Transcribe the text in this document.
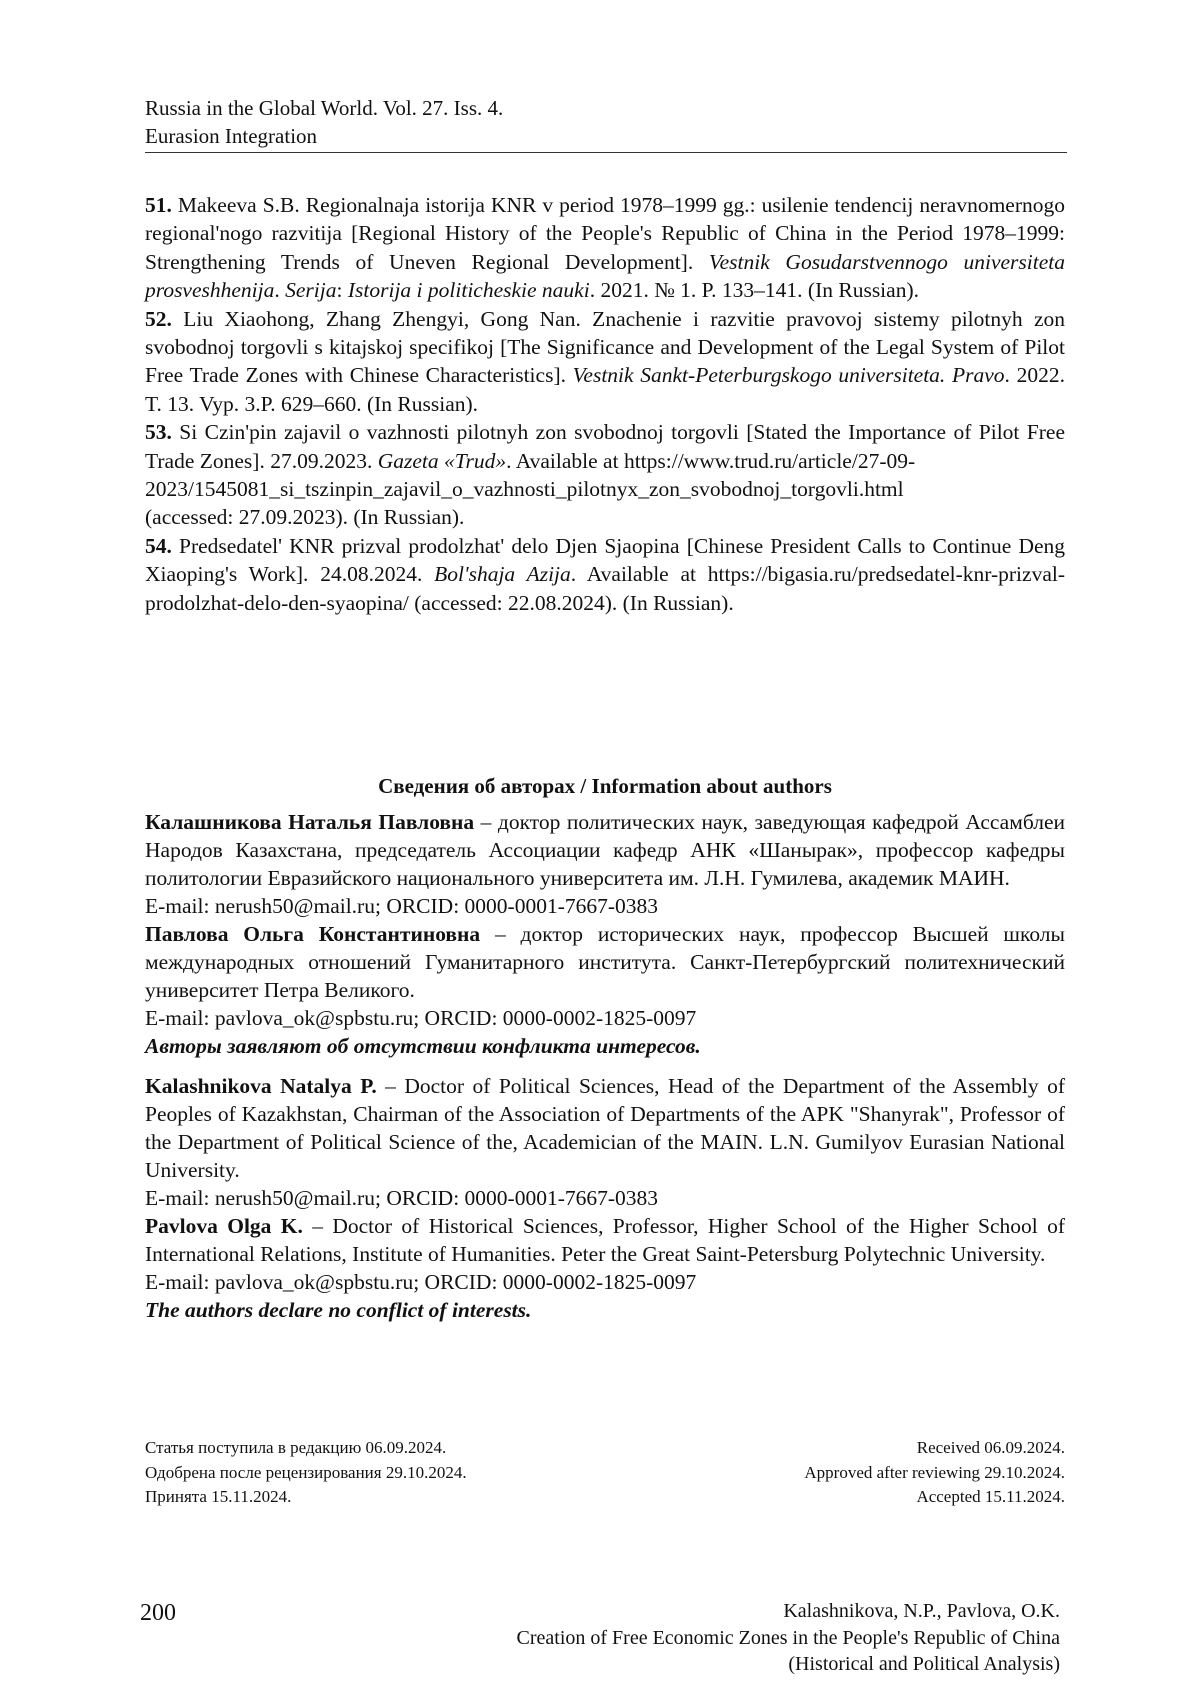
Russia in the Global World. Vol. 27. Iss. 4.
Eurasion Integration

51. Makeeva S.B. Regionalnaja istorija KNR v period 1978–1999 gg.: usilenie tendencij neravnomernogo regional'nogo razvitija [Regional History of the People's Republic of China in the Period 1978–1999: Strengthening Trends of Uneven Regional Development]. Vestnik Gosudarstvennogo universiteta prosveshhenija. Serija: Istorija i politicheskie nauki. 2021. № 1. P. 133–141. (In Russian).

52. Liu Xiaohong, Zhang Zhengyi, Gong Nan. Znachenie i razvitie pravovoj sistemy pilotnyh zon svobodnoj torgovli s kitajskoj specifikoj [The Significance and Development of the Legal System of Pilot Free Trade Zones with Chinese Characteristics]. Vestnik Sankt-Peterburgskogo universiteta. Pravo. 2022. T. 13. Vyp. 3.P. 629–660. (In Russian).

53. Si Czin'pin zajavil o vazhnosti pilotnyh zon svobodnoj torgovli [Stated the Importance of Pilot Free Trade Zones]. 27.09.2023. Gazeta «Trud». Available at https://www.trud.ru/article/27-09-
2023/1545081_si_tszinpin_zajavil_o_vazhnosti_pilotnyx_zon_svobodnoj_torgovli.html
(accessed: 27.09.2023). (In Russian).

54. Predsedatel' KNR prizval prodolzhat' delo Djen Sjaopina [Chinese President Calls to Continue Deng Xiaoping's Work]. 24.08.2024. Bol'shaja Azija. Available at https://bigasia.ru/predsedatel-knr-prizval-prodolzhat-delo-den-syaopina/ (accessed: 22.08.2024). (In Russian).

Сведения об авторах / Information about authors

Калашникова Наталья Павловна – доктор политических наук, заведующая кафедрой Ассамблеи Народов Казахстана, председатель Ассоциации кафедр АНК «Шанырак», профессор кафедры политологии Евразийского национального университета им. Л.Н. Гумилева, академик МАИН.

E-mail: nerush50@mail.ru; ORCID: 0000-0001-7667-0383

Павлова Ольга Константиновна – доктор исторических наук, профессор Высшей школы международных отношений Гуманитарного института. Санкт-Петербургский политехнический университет Петра Великого.

E-mail: pavlova_ok@spbstu.ru; ORCID: 0000-0002-1825-0097

Авторы заявляют об отсутствии конфликта интересов.

Kalashnikova Natalya P. – Doctor of Political Sciences, Head of the Department of the Assembly of Peoples of Kazakhstan, Chairman of the Association of Departments of the APK "Shanyrak", Professor of the Department of Political Science of the, Academician of the MAIN. L.N. Gumilyov Eurasian National University.

E-mail: nerush50@mail.ru; ORCID: 0000-0001-7667-0383

Pavlova Olga K. – Doctor of Historical Sciences, Professor, Higher School of the Higher School of International Relations, Institute of Humanities. Peter the Great Saint-Petersburg Polytechnic University.

E-mail: pavlova_ok@spbstu.ru; ORCID: 0000-0002-1825-0097

The authors declare no conflict of interests.

Статья поступила в редакцию 06.09.2024.
Одобрена после рецензирования 29.10.2024.
Принята 15.11.2024.
Received 06.09.2024.
Approved after reviewing 29.10.2024.
Accepted 15.11.2024.
200	Kalashnikova, N.P., Pavlova, O.K.
Creation of Free Economic Zones in the People's Republic of China
(Historical and Political Analysis)
